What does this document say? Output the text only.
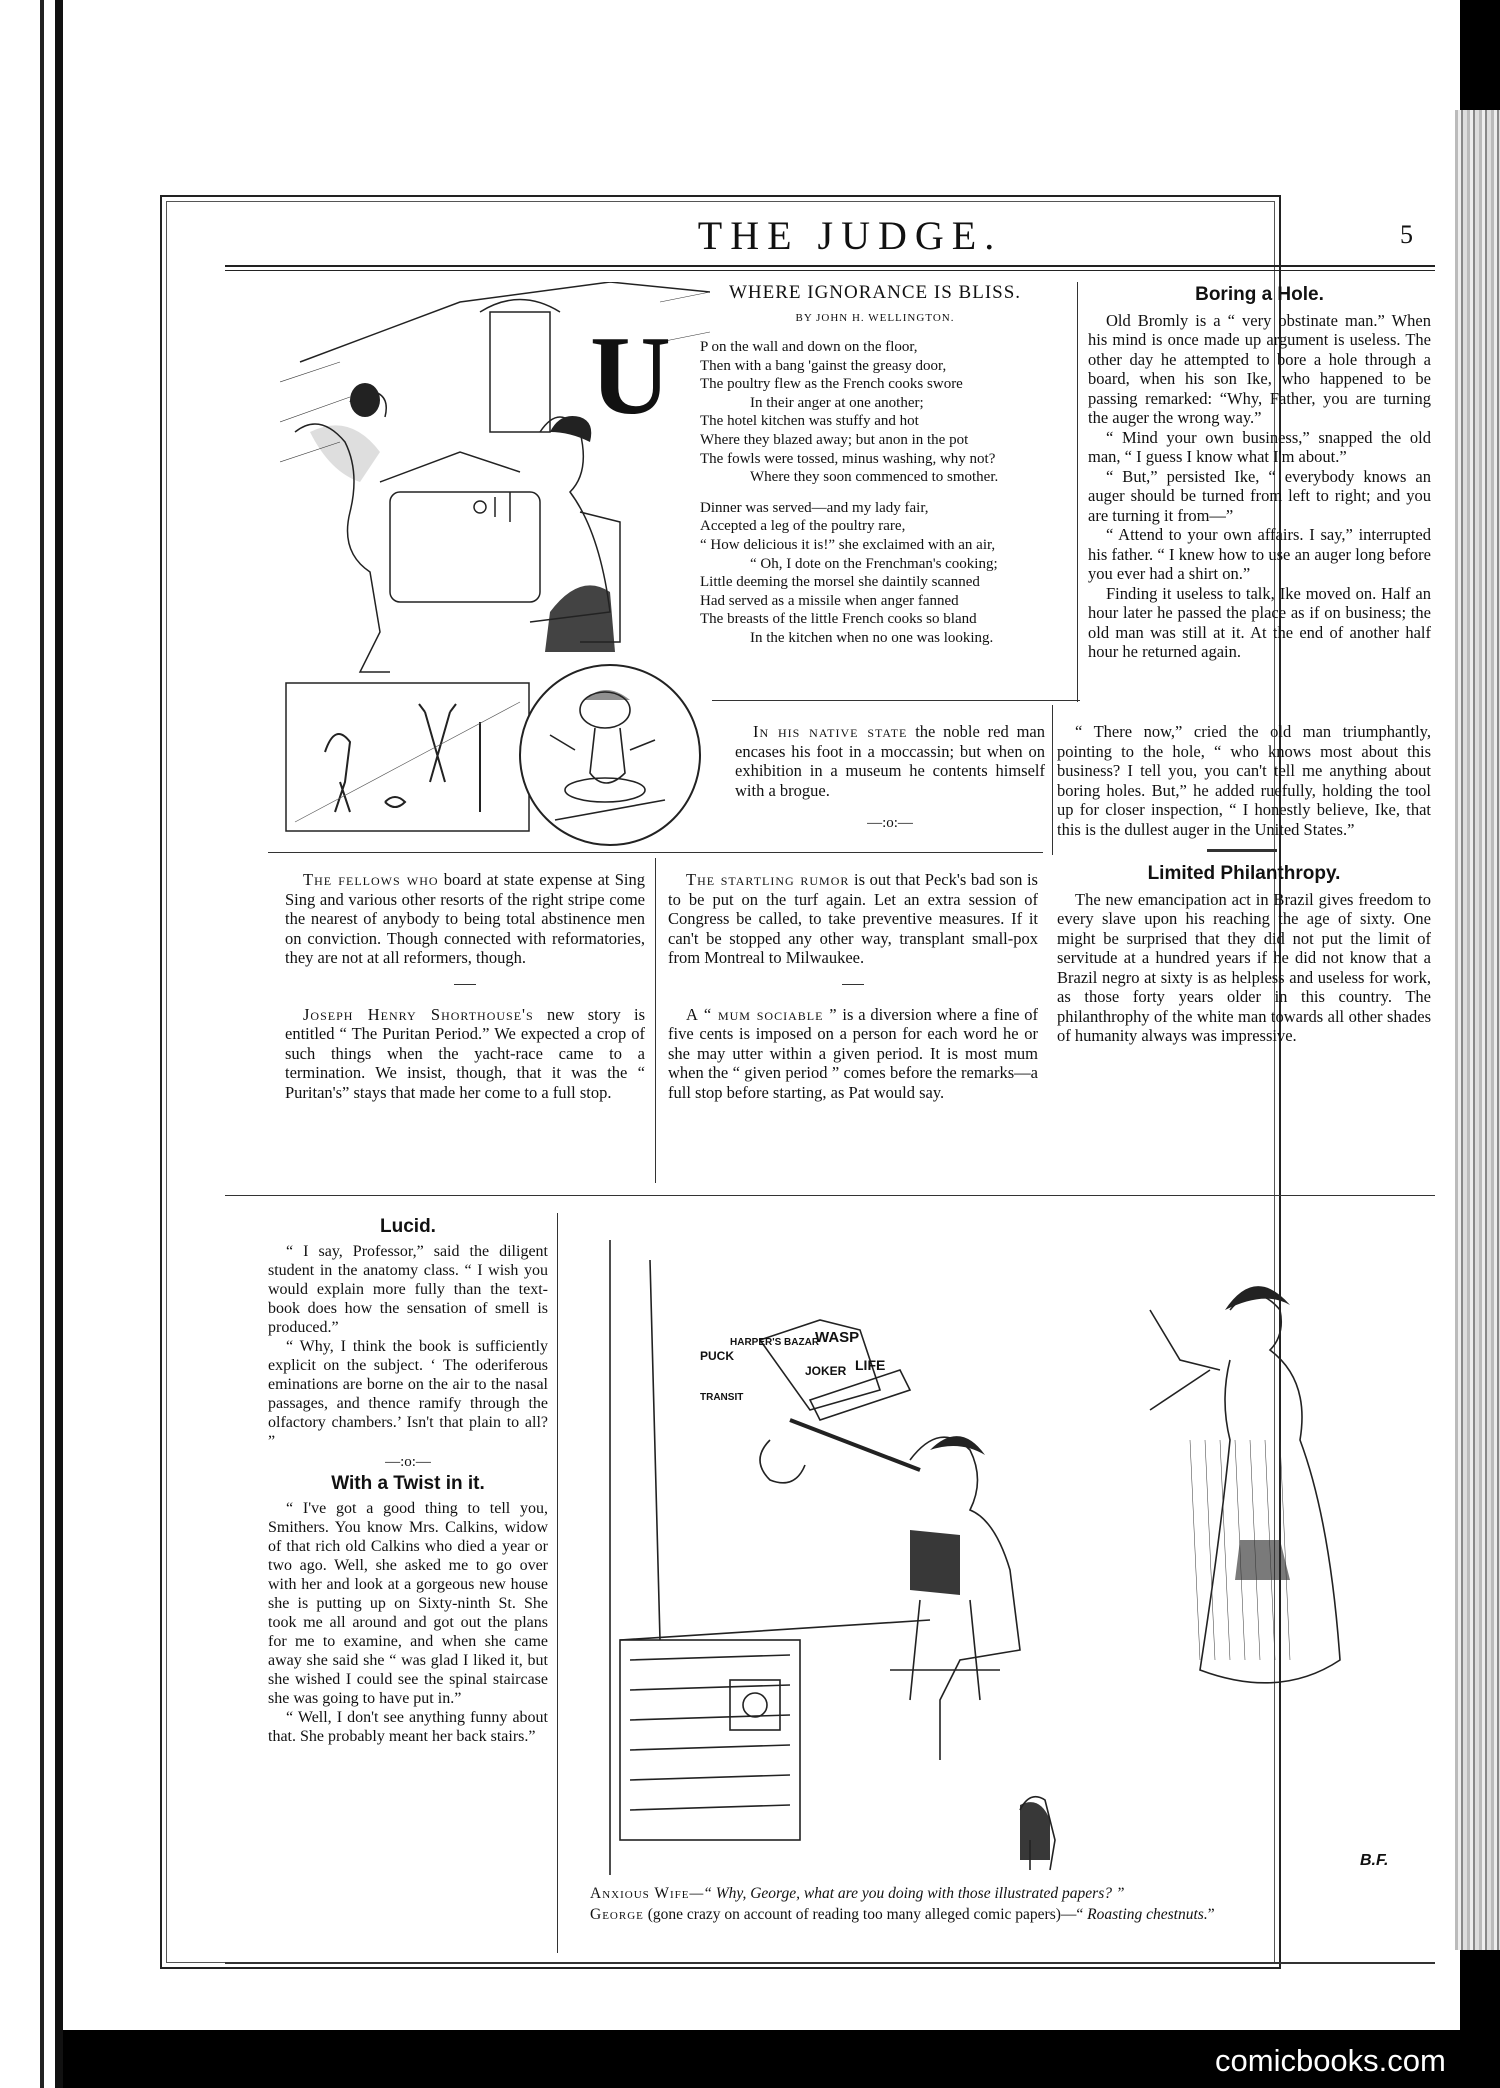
THE JUDGE.	5
U
WHERE IGNORANCE IS BLISS.
BY JOHN H. WELLINGTON.
P on the wall and down on the floor,
Then with a bang 'gainst the greasy door,
The poultry flew as the French cooks swore
In their anger at one another;
The hotel kitchen was stuffy and hot
Where they blazed away; but anon in the pot
The fowls were tossed, minus washing, why not?
Where they soon commenced to smother.
Dinner was served—and my lady fair,
Accepted a leg of the poultry rare,
“ How delicious it is!” she exclaimed with an air,
“ Oh, I dote on the Frenchman's cooking;
Little deeming the morsel she daintily scanned
Had served as a missile when anger fanned
The breasts of the little French cooks so bland
In the kitchen when no one was looking.
Boring a Hole.

Old Bromly is a “ very obstinate man.” When his mind is once made up argument is useless. The other day he attempted to bore a hole through a board, when his son Ike, who happened to be passing remarked: “Why, Father, you are turning the auger the wrong way.”

“ Mind your own business,” snapped the old man, “ I guess I know what I'm about.”

“ But,” persisted Ike, “ everybody knows an auger should be turned from left to right; and you are turning it from—”

“ Attend to your own affairs. I say,” interrupted his father. “ I knew how to use an auger long before you ever had a shirt on.”

Finding it useless to talk, Ike moved on. Half an hour later he passed the place as if on business; the old man was still at it. At the end of another half hour he returned again.

“ There now,” cried the old man triumphantly, pointing to the hole, “ who knows most about this business? I tell you, you can't tell me anything about boring holes. But,” he added ruefully, holding the tool up for closer inspection, “ I honestly believe, Ike, that this is the dullest auger in the United States.”

Limited Philanthropy.

The new emancipation act in Brazil gives freedom to every slave upon his reaching the age of sixty. One might be surprised that they did not put the limit of servitude at a hundred years if he did not know that a Brazil negro at sixty is as helpless and useless for work, as those forty years older in this country. The philanthrophy of the white man towards all other shades of humanity always was impressive.

In his native state the noble red man encases his foot in a moccassin; but when on exhibition in a museum he contents himself with a brogue.

—:o:—

The fellows who board at state expense at Sing Sing and various other resorts of the right stripe come the nearest of anybody to being total abstinence men on conviction. Though connected with reformatories, they are not at all reformers, though.

Joseph Henry Shorthouse's new story is entitled “ The Puritan Period.” We expected a crop of such things when the yacht-race came to a termination. We insist, though, that it was the “ Puritan's” stays that made her come to a full stop.

The startling rumor is out that Peck's bad son is to be put on the turf again. Let an extra session of Congress be called, to take preventive measures. If it can't be stopped any other way, transplant small-pox from Montreal to Milwaukee.

A “ mum sociable ” is a diversion where a fine of five cents is imposed on a person for each word he or she may utter within a given period. It is most mum when the “ given period ” comes before the remarks—a full stop before starting, as Pat would say.

Lucid.

“ I say, Professor,” said the diligent student in the anatomy class. “ I wish you would explain more fully than the text-book does how the sensation of smell is produced.”

“ Why, I think the book is sufficiently explicit on the subject. ‘ The oderiferous eminations are borne on the air to the nasal passages, and thence ramify through the olfactory chambers.’ Isn't that plain to all? ”

—:o:—
With a Twist in it.

“ I've got a good thing to tell you, Smithers. You know Mrs. Calkins, widow of that rich old Calkins who died a year or two ago. Well, she asked me to go over with her and look at a gorgeous new house she is putting up on Sixty-ninth St. She took me all around and got out the plans for me to examine, and when she came away she said she “ was glad I liked it, but she wished I could see the spinal staircase she was going to have put in.”

“ Well, I don't see anything funny about that. She probably meant her back stairs.”

WASP
PUCK
LIFE
JOKER
HARPER'S BAZAR
TRANSIT
B.F.
Anxious Wife—“ Why, George, what are you doing with those illustrated papers? ”
George (gone crazy on account of reading too many alleged comic papers)—“ Roasting chestnuts.”
comicbooks.com
